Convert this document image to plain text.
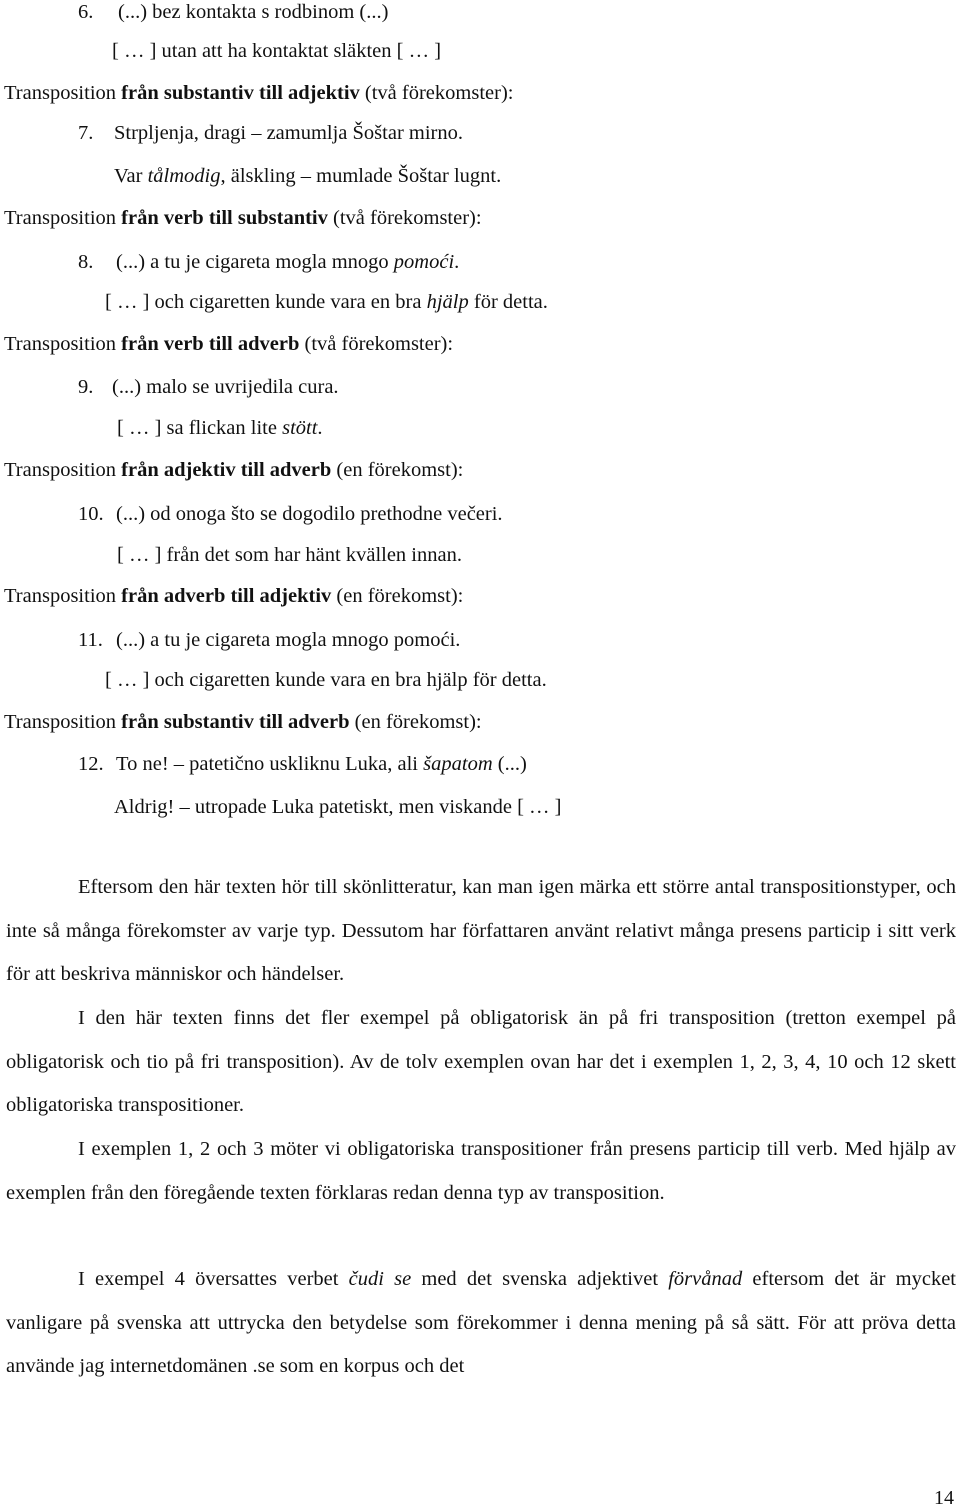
6. (...) bez kontakta s rodbinom (...)
[ … ] utan att ha kontaktat släkten [ … ]
Transposition från substantiv till adjektiv (två förekomster):
7. Strpljenja, dragi – zamumlja Šoštar mirno.
Var tålmodig, älskling – mumlade Šoštar lugnt.
Transposition från verb till substantiv (två förekomster):
8. (...) a tu je cigareta mogla mnogo pomoći.
[ … ] och cigaretten kunde vara en bra hjälp för detta.
Transposition från verb till adverb (två förekomster):
9. (...) malo se uvrijedila cura.
[ … ] sa flickan lite stött.
Transposition från adjektiv till adverb (en förekomst):
10. (...) od onoga što se dogodilo prethodne večeri.
[ … ] från det som har hänt kvällen innan.
Transposition från adverb till adjektiv (en förekomst):
11. (...) a tu je cigareta mogla mnogo pomoći.
[ … ] och cigaretten kunde vara en bra hjälp för detta.
Transposition från substantiv till adverb (en förekomst):
12. To ne! – patetično uskliknu Luka, ali šapatom (...)
Aldrig! – utropade Luka patetiskt, men viskande [ … ]
Eftersom den här texten hör till skönlitteratur, kan man igen märka ett större antal transpositionstyper, och inte så många förekomster av varje typ. Dessutom har författaren använt relativt många presens particip i sitt verk för att beskriva människor och händelser.
I den här texten finns det fler exempel på obligatorisk än på fri transposition (tretton exempel på obligatorisk och tio på fri transposition). Av de tolv exemplen ovan har det i exemplen 1, 2, 3, 4, 10 och 12 skett obligatoriska transpositioner.
I exemplen 1, 2 och 3 möter vi obligatoriska transpositioner från presens particip till verb. Med hjälp av exemplen från den föregående texten förklaras redan denna typ av transposition.
I exempel 4 översattes verbet čudi se med det svenska adjektivet förvånad eftersom det är mycket vanligare på svenska att uttrycka den betydelse som förekommer i denna mening på så sätt. För att pröva detta använde jag internetdomänen .se som en korpus och det
14
